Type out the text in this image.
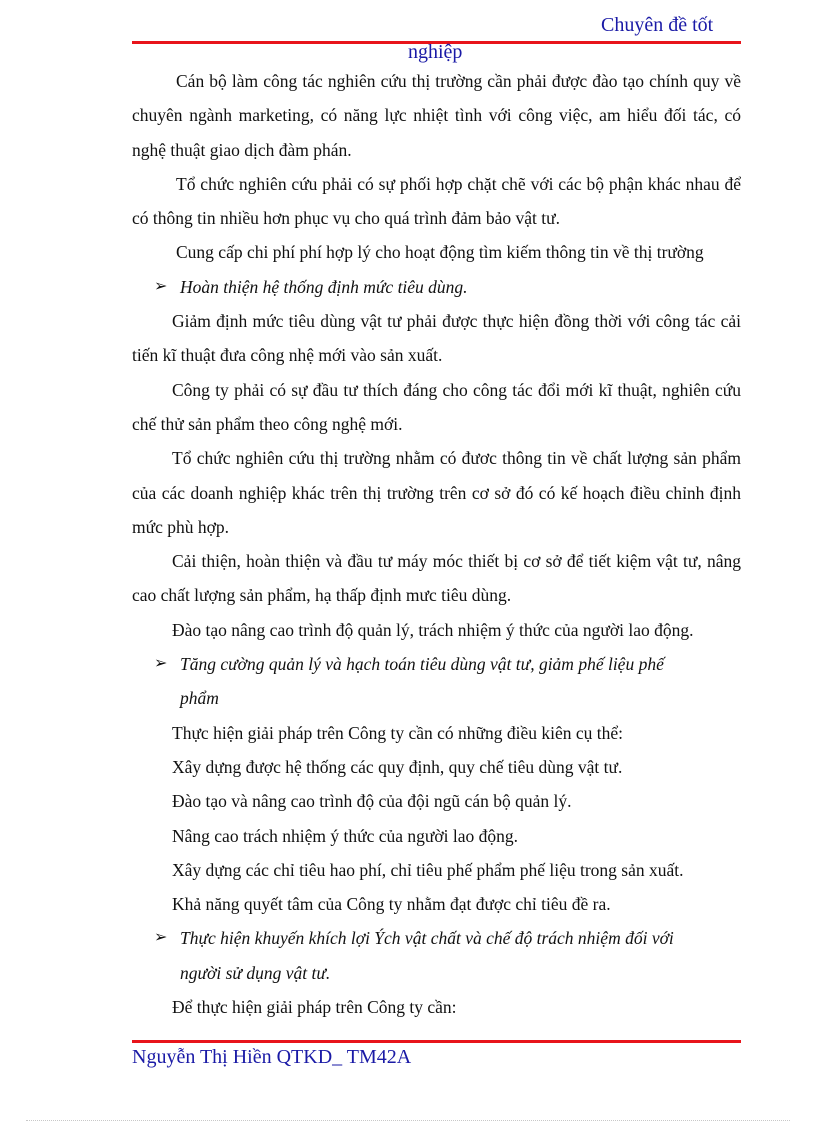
Chuyên đề tốt
nghiệp

Cán bộ làm công tác nghiên cứu thị trường cần phải được đào tạo chính quy về chuyên ngành marketing, có năng lực nhiệt tình với công việc, am hiểu đối tác, có nghệ thuật giao dịch đàm phán.

Tổ chức nghiên cứu phải có sự phối hợp chặt chẽ với các bộ phận khác nhau để có thông tin nhiều hơn phục vụ cho quá trình đảm bảo vật tư.

Cung cấp chi phí phí hợp lý cho hoạt động tìm kiếm thông tin về thị trường

➢ Hoàn thiện hệ thống định mức tiêu dùng.

Giảm định mức tiêu dùng vật tư phải được thực hiện đồng thời với công tác cải tiến kĩ thuật đưa công nhệ mới vào sản xuất.

Công ty phải có sự đầu tư thích đáng cho công tác đổi mới kĩ thuật, nghiên cứu chế thử sản phẩm theo công nghệ mới.

Tổ chức nghiên cứu thị trường nhằm có đươc thông tin về chất lượng sản phẩm của các doanh nghiệp khác trên thị trường trên cơ sở đó có kế hoạch điều chỉnh định mức phù hợp.

Cải thiện, hoàn thiện và đầu tư máy móc thiết bị cơ sở để tiết kiệm vật tư, nâng cao chất lượng sản phẩm, hạ thấp định mưc tiêu dùng.

Đào tạo nâng cao trình độ quản lý, trách nhiệm ý thức của người lao động.

➢ Tăng cường quản lý và hạch toán tiêu dùng vật tư, giảm phế liệu phế
phẩm

Thực hiện giải pháp trên Công ty cần có những điều kiên cụ thể:

Xây dựng được hệ thống các quy định, quy chế tiêu dùng vật tư.

Đào tạo và nâng cao trình độ của đội ngũ cán bộ quản lý.

Nâng cao trách nhiệm ý thức của người lao động.

Xây dựng các chỉ tiêu hao phí, chỉ tiêu phế phẩm phế liệu trong sản xuất.

Khả năng quyết tâm của Công ty nhằm đạt được chỉ tiêu đề ra.

➢ Thực hiện khuyến khích lợi Ých vật chất và chế độ trách nhiệm đối với
người sử dụng vật tư.

Để thực hiện giải pháp trên Công ty cần:

Nguyễn Thị Hiền QTKD_ TM42A
